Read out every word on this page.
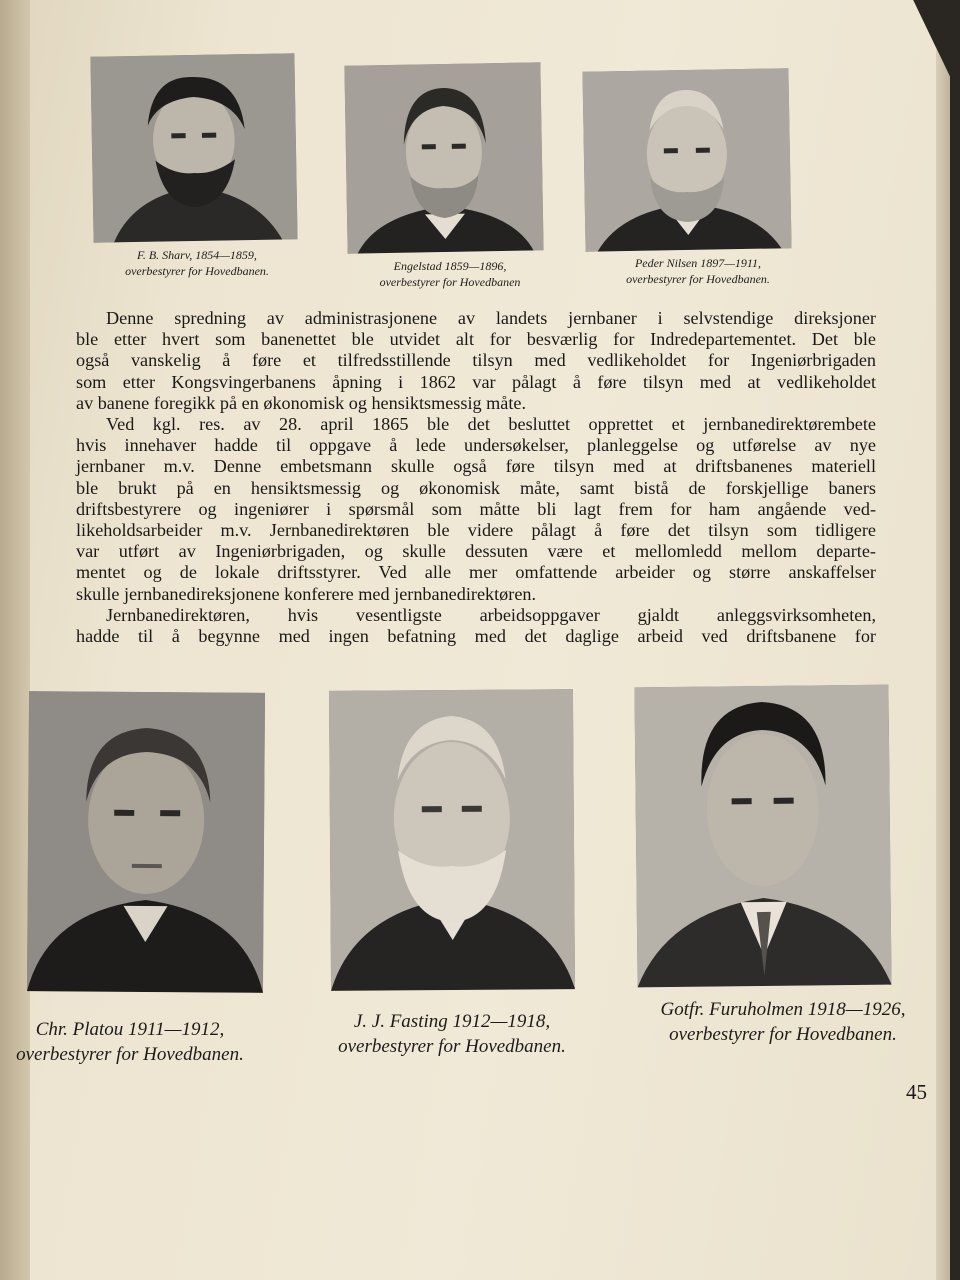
F. B. Sharv, 1854—1859,
overbestyrer for Hovedbanen.	Engelstad 1859—1896,
overbestyrer for Hovedbanen
Peder Nilsen 1897—1911,
overbestyrer for Hovedbanen.
Denne spredning av administrasjonene av landets jernbaner i selvstendige direksjoner
ble etter hvert som banenettet ble utvidet alt for besværlig for Indredepartementet. Det ble
også vanskelig å føre et tilfredsstillende tilsyn med vedlikeholdet for Ingeniørbrigaden
som etter Kongsvingerbanens åpning i 1862 var pålagt å føre tilsyn med at vedlikeholdet
av banene foregikk på en økonomisk og hensiktsmessig måte.
Ved kgl. res. av 28. april 1865 ble det besluttet opprettet et jernbanedirektørembete
hvis innehaver hadde til oppgave å lede undersøkelser, planleggelse og utførelse av nye
jernbaner m.v. Denne embetsmann skulle også føre tilsyn med at driftsbanenes materiell
ble brukt på en hensiktsmessig og økonomisk måte, samt bistå de forskjellige baners
driftsbestyrere og ingeniører i spørsmål som måtte bli lagt frem for ham angående ved-
likeholdsarbeider m.v. Jernbanedirektøren ble videre pålagt å føre det tilsyn som tidligere
var utført av Ingeniørbrigaden, og skulle dessuten være et mellomledd mellom departe-
mentet og de lokale driftsstyrer. Ved alle mer omfattende arbeider og større anskaffelser
skulle jernbanedireksjonene konferere med jernbanedirektøren.
Jernbanedirektøren, hvis vesentligste arbeidsoppgaver gjaldt anleggsvirksomheten,
hadde til å begynne med ingen befatning med det daglige arbeid ved driftsbanene for
Chr. Platou 1911—1912,
overbestyrer for Hovedbanen.
J. J. Fasting 1912—1918,
overbestyrer for Hovedbanen.
Gotfr. Furuholmen 1918—1926,
overbestyrer for Hovedbanen.
45
